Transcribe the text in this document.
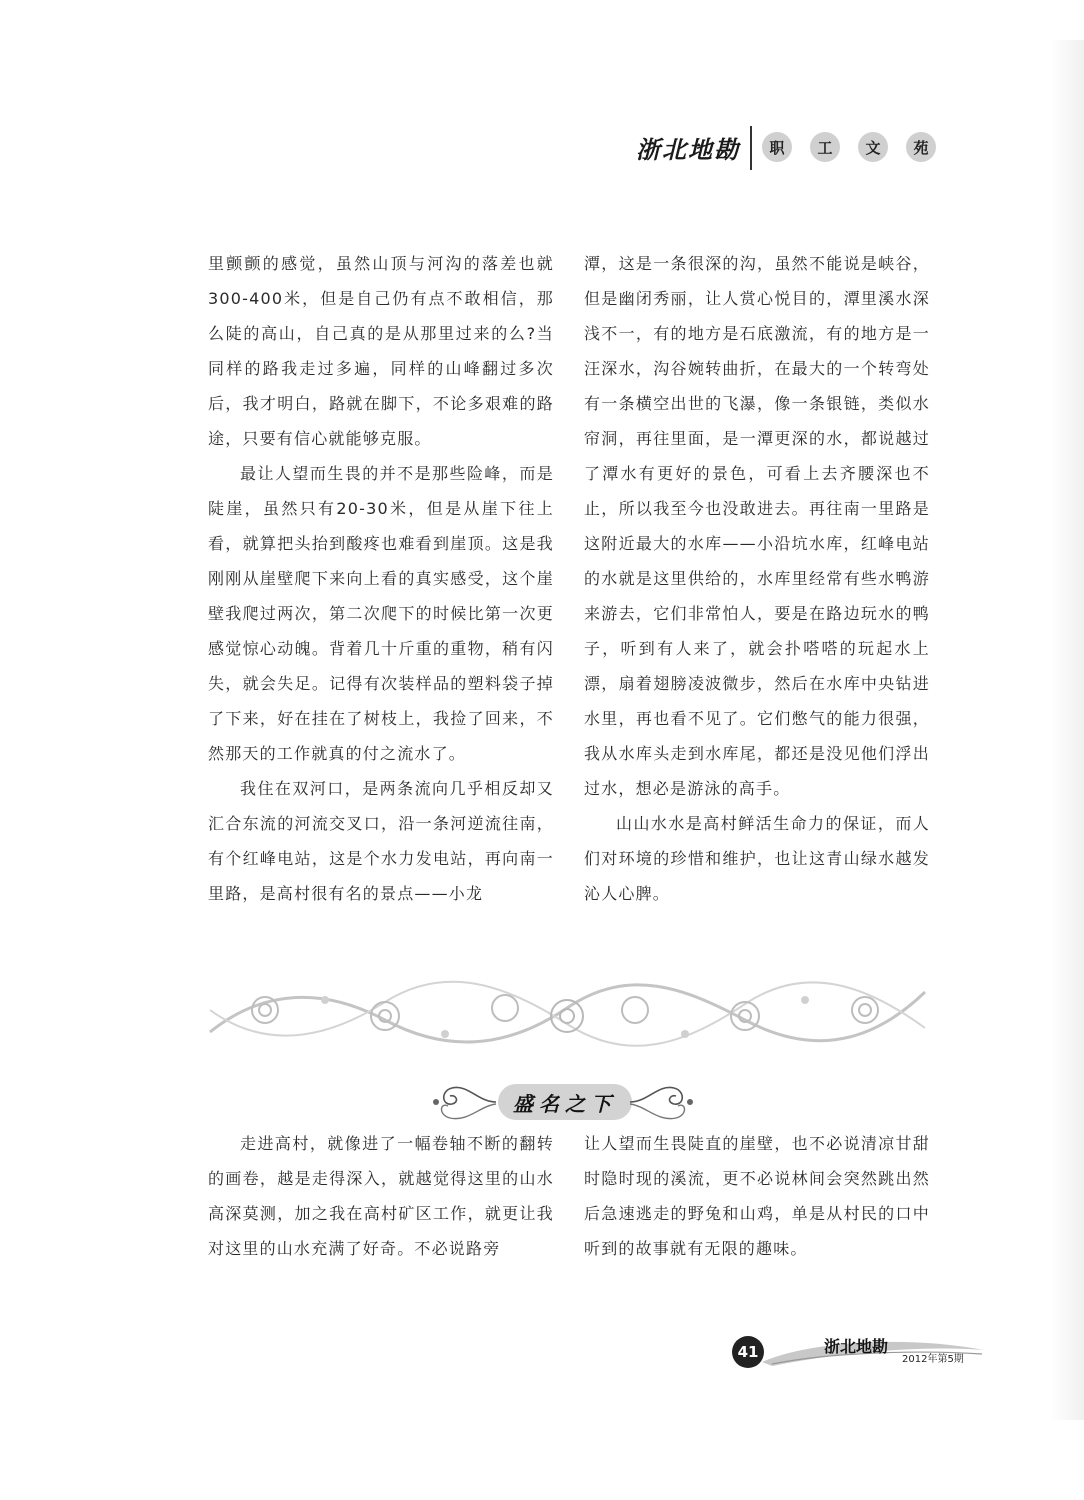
浙北地勘	职	工	文	苑

里颤颤的感觉，虽然山顶与河沟的落差也就300-400米，但是自己仍有点不敢相信，那么陡的高山，自己真的是从那里过来的么?当同样的路我走过多遍，同样的山峰翻过多次后，我才明白，路就在脚下，不论多艰难的路途，只要有信心就能够克服。

最让人望而生畏的并不是那些险峰，而是陡崖，虽然只有20-30米，但是从崖下往上看，就算把头抬到酸疼也难看到崖顶。这是我刚刚从崖壁爬下来向上看的真实感受，这个崖壁我爬过两次，第二次爬下的时候比第一次更感觉惊心动魄。背着几十斤重的重物，稍有闪失，就会失足。记得有次装样品的塑料袋子掉了下来，好在挂在了树枝上，我捡了回来，不然那天的工作就真的付之流水了。

我住在双河口，是两条流向几乎相反却又汇合东流的河流交叉口，沿一条河逆流往南，有个红峰电站，这是个水力发电站，再向南一里路，是高村很有名的景点——小龙

潭，这是一条很深的沟，虽然不能说是峡谷，但是幽闭秀丽，让人赏心悦目的，潭里溪水深浅不一，有的地方是石底激流，有的地方是一汪深水，沟谷婉转曲折，在最大的一个转弯处有一条横空出世的飞瀑，像一条银链，类似水帘洞，再往里面，是一潭更深的水，都说越过了潭水有更好的景色，可看上去齐腰深也不止，所以我至今也没敢进去。再往南一里路是这附近最大的水库——小沿坑水库，红峰电站的水就是这里供给的，水库里经常有些水鸭游来游去，它们非常怕人，要是在路边玩水的鸭子，听到有人来了，就会扑嗒嗒的玩起水上漂，扇着翅膀凌波微步，然后在水库中央钻进水里，再也看不见了。它们憋气的能力很强，我从水库头走到水库尾，都还是没见他们浮出过水，想必是游泳的高手。

山山水水是高村鲜活生命力的保证，而人们对环境的珍惜和维护，也让这青山绿水越发沁人心脾。

盛名之下

走进高村，就像进了一幅卷轴不断的翻转的画卷，越是走得深入，就越觉得这里的山水高深莫测，加之我在高村矿区工作，就更让我对这里的山水充满了好奇。不必说路旁

让人望而生畏陡直的崖壁，也不必说清凉甘甜时隐时现的溪流，更不必说林间会突然跳出然后急速逃走的野兔和山鸡，单是从村民的口中听到的故事就有无限的趣味。

41	浙北地勘
2012年第5期
